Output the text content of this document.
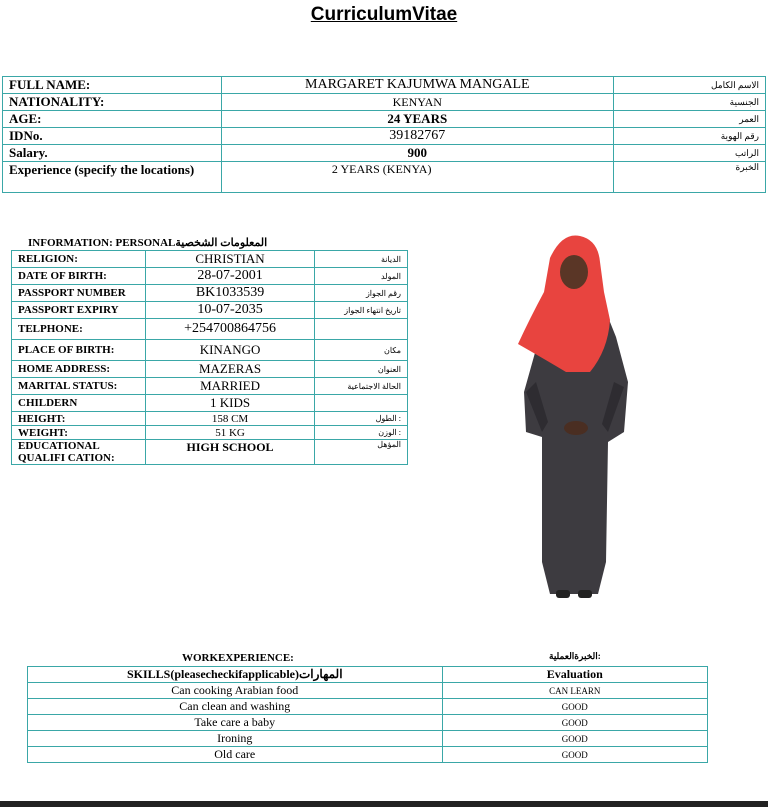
CurriculumVitae
FULL NAME:	MARGARET KAJUMWA MANGALE	الاسم الكامل
NATIONALITY:	KENYAN	الجنسية
AGE:	24 YEARS	العمر
IDNo.	39182767	رقم الهوية
Salary.	900	الراتب
Experience (specify the locations)	2 YEARS (KENYA)	الخبرة
INFORMATION: PERSONALالمعلومات الشخصية
RELIGION:	CHRISTIAN	الديانة
DATE OF BIRTH:	28-07-2001	المولد
PASSPORT NUMBER	BK1033539	رقم الجواز
PASSPORT EXPIRY	10-07-2035	تاريخ انتهاء الجواز
TELPHONE:	+254700864756	
PLACE OF BIRTH:	KINANGO	مكان
HOME ADDRESS:	MAZERAS	العنوان
MARITAL STATUS:	MARRIED	الحالة الاجتماعية
CHILDERN	1 KIDS	
HEIGHT:	158 CM	الطول :
WEIGHT:	51 KG	الوزن :
EDUCATIONAL QUALIFI CATION:	HIGH SCHOOL	المؤهل
WORKEXPERIENCE:	الخبرةالعملية:
SKILLS(pleasecheckifapplicable)المهارات	Evaluation
Can cooking Arabian food	CAN LEARN
Can clean and washing	GOOD
Take care a baby	GOOD
Ironing	GOOD
Old care	GOOD
